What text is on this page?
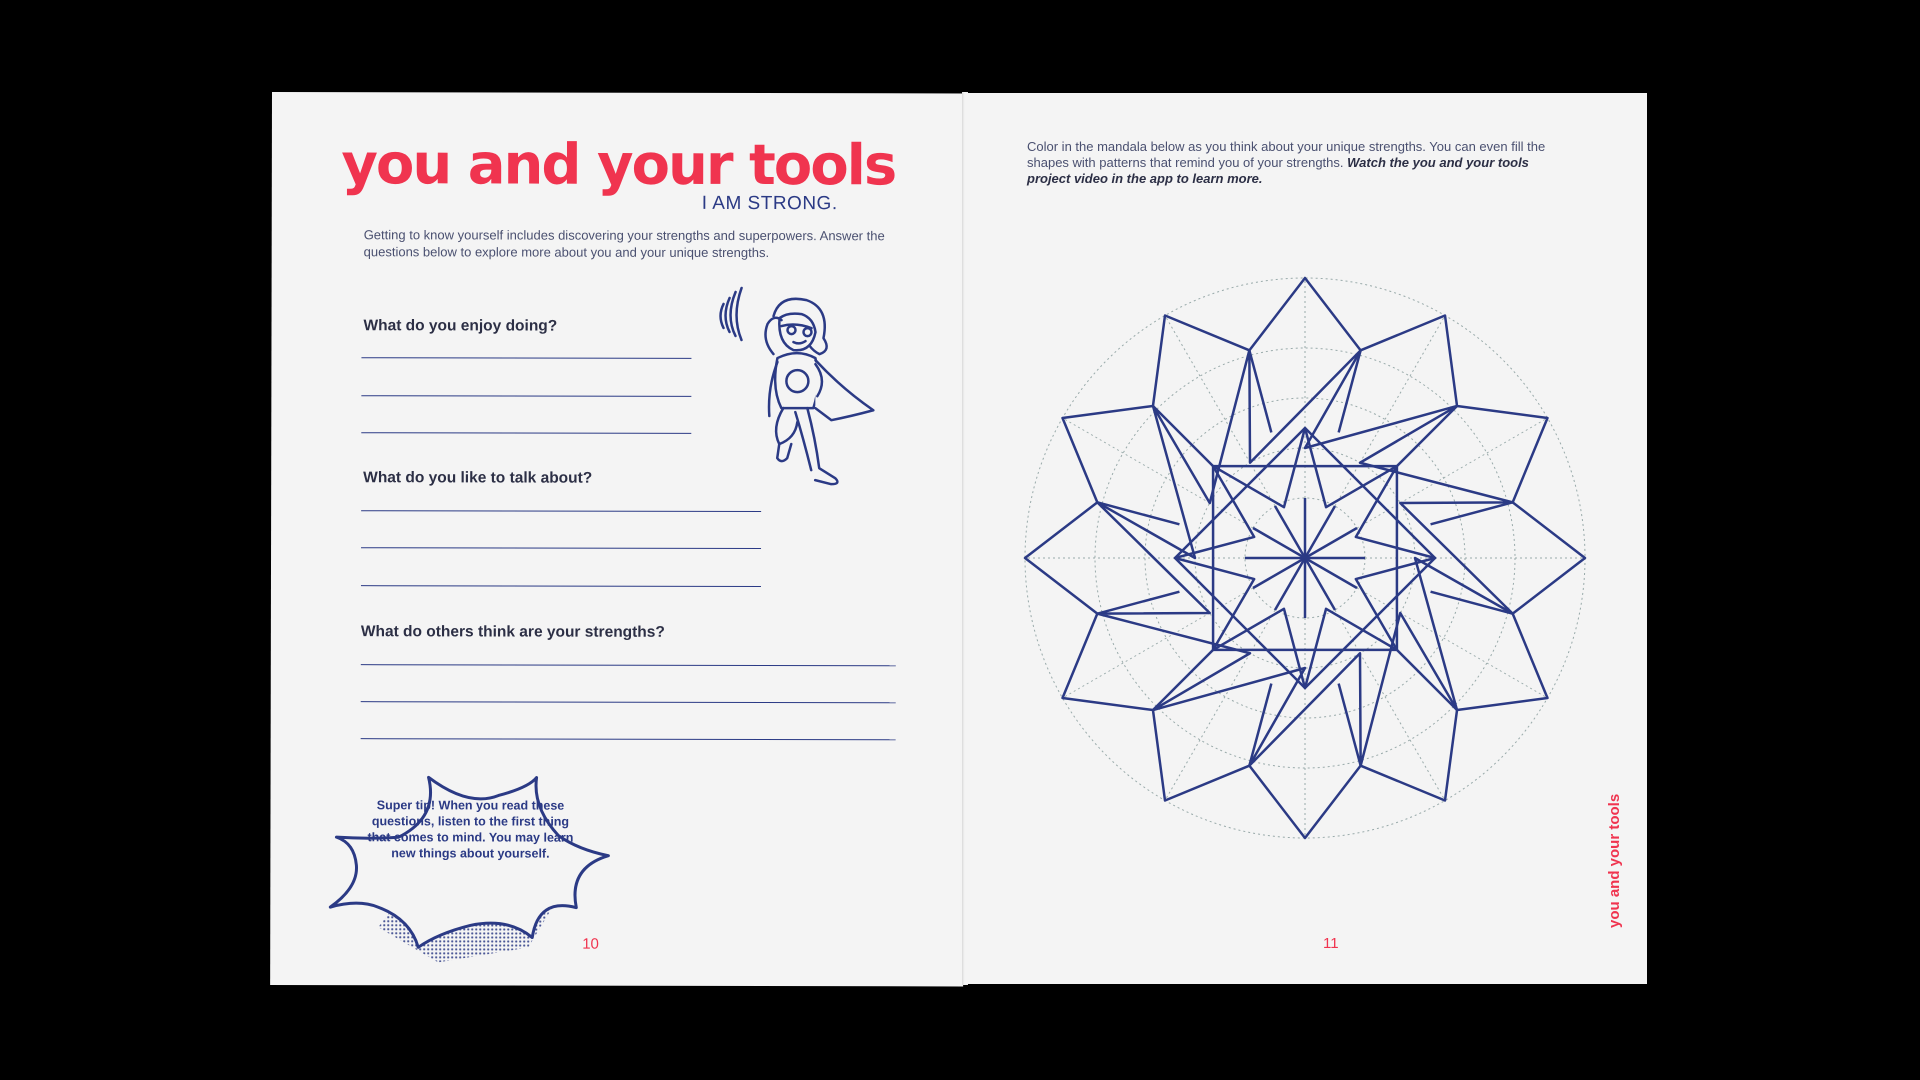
you and your tools
I AM STRONG.
Getting to know yourself includes discovering your strengths and superpowers. Answer the questions below to explore more about you and your unique strengths.
What do you enjoy doing?
What do you like to talk about?
What do others think are your strengths?
Super tip! When you read these questions, listen to the first thing that comes to mind. You may learn new things about yourself.
10
Color in the mandala below as you think about your unique strengths. You can even fill the shapes with patterns that remind you of your strengths. Watch the you and your tools project video in the app to learn more.
you and your tools
11
